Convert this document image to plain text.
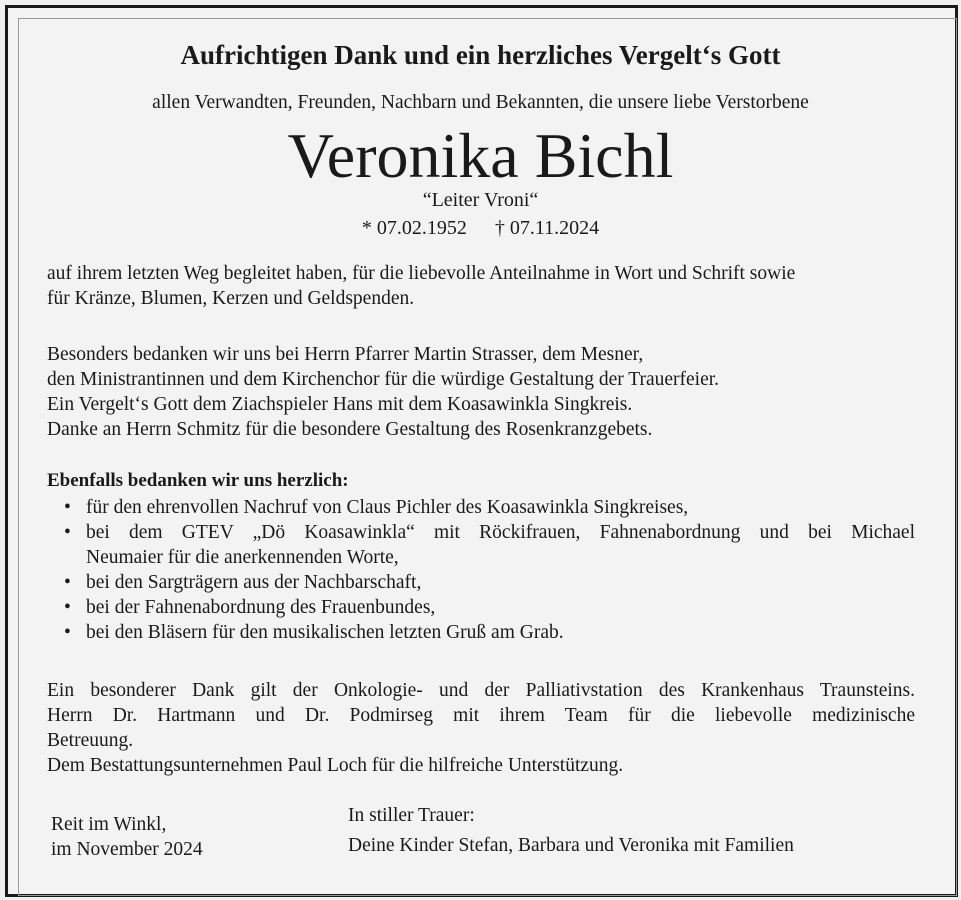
Aufrichtigen Dank und ein herzliches Vergelt‘s Gott
allen Verwandten, Freunden, Nachbarn und Bekannten, die unsere liebe Verstorbene
Veronika Bichl
“Leiter Vroni“
* 07.02.1952 † 07.11.2024
auf ihrem letzten Weg begleitet haben, für die liebevolle Anteilnahme in Wort und Schrift sowie
für Kränze, Blumen, Kerzen und Geldspenden.
Besonders bedanken wir uns bei Herrn Pfarrer Martin Strasser, dem Mesner,
den Ministrantinnen und dem Kirchenchor für die würdige Gestaltung der Trauerfeier.
Ein Vergelt‘s Gott dem Ziachspieler Hans mit dem Koasawinkla Singkreis.
Danke an Herrn Schmitz für die besondere Gestaltung des Rosenkranzgebets.
Ebenfalls bedanken wir uns herzlich:
• für den ehrenvollen Nachruf von Claus Pichler des Koasawinkla Singkreises,
• bei dem GTEV „Dö Koasawinkla“ mit Röckifrauen, Fahnenabordnung und bei Michael
Neumaier für die anerkennenden Worte,
• bei den Sargträgern aus der Nachbarschaft,
• bei der Fahnenabordnung des Frauenbundes,
• bei den Bläsern für den musikalischen letzten Gruß am Grab.
Ein besonderer Dank gilt der Onkologie- und der Palliativstation des Krankenhaus Traunsteins.
Herrn Dr. Hartmann und Dr. Podmirseg mit ihrem Team für die liebevolle medizinische
Betreuung.
Dem Bestattungsunternehmen Paul Loch für die hilfreiche Unterstützung.
Reit im Winkl,
im November 2024
In stiller Trauer:
Deine Kinder Stefan, Barbara und Veronika mit Familien
